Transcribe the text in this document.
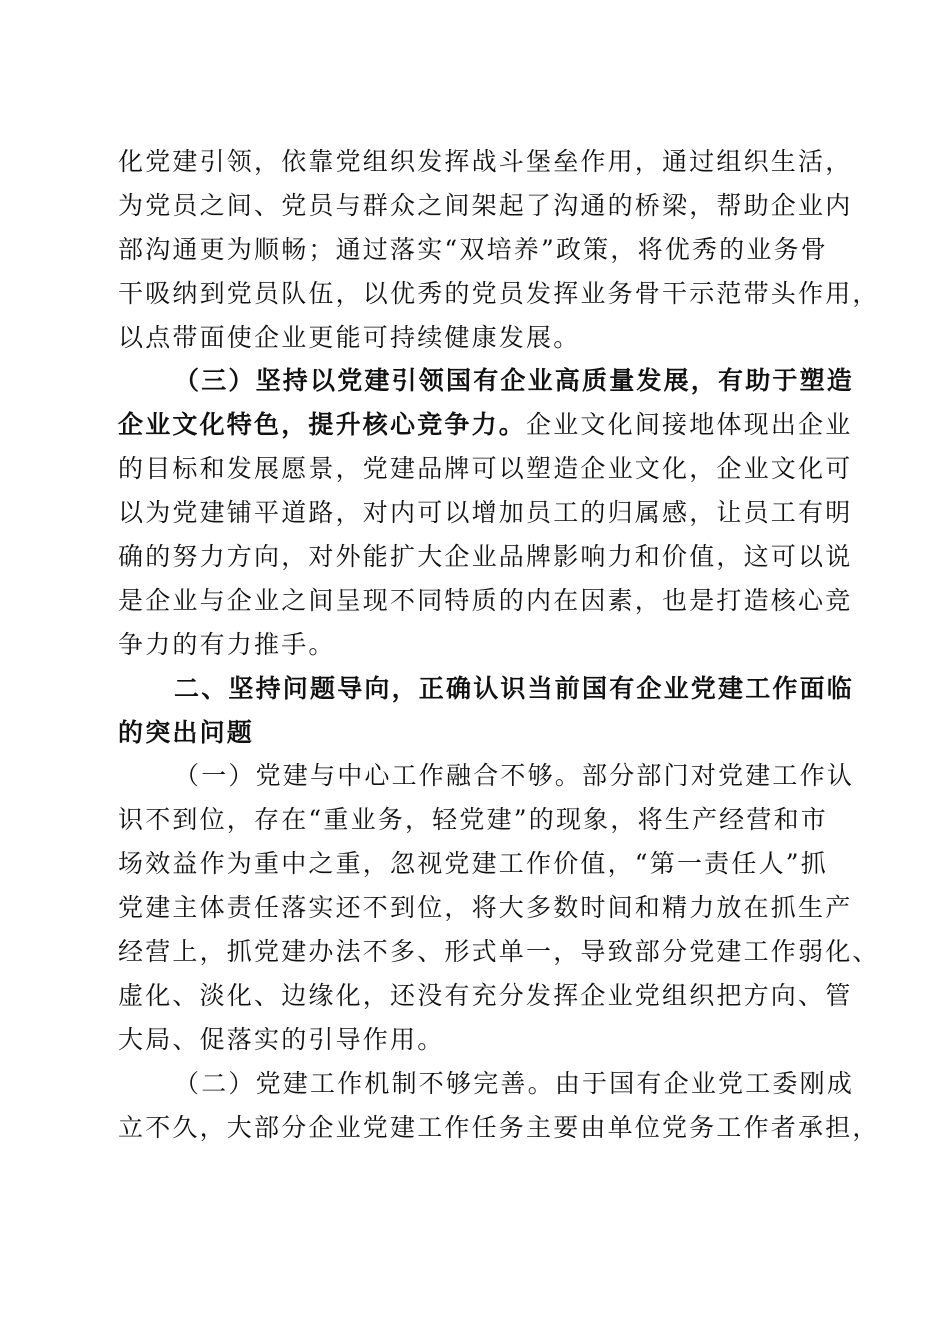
化党建引领，依靠党组织发挥战斗堡垒作用，通过组织生活，
为党员之间、党员与群众之间架起了沟通的桥梁，帮助企业内
部沟通更为顺畅；通过落实“双培养”政策，将优秀的业务骨
干吸纳到党员队伍，以优秀的党员发挥业务骨干示范带头作用，
以点带面使企业更能可持续健康发展。
（三）坚持以党建引领国有企业高质量发展，有助于塑造
企业文化特色，提升核心竞争力。企业文化间接地体现出企业
的目标和发展愿景，党建品牌可以塑造企业文化，企业文化可
以为党建铺平道路，对内可以增加员工的归属感，让员工有明
确的努力方向，对外能扩大企业品牌影响力和价值，这可以说
是企业与企业之间呈现不同特质的内在因素，也是打造核心竞
争力的有力推手。
二、坚持问题导向，正确认识当前国有企业党建工作面临
的突出问题
（一）党建与中心工作融合不够。部分部门对党建工作认
识不到位，存在“重业务，轻党建”的现象，将生产经营和市
场效益作为重中之重，忽视党建工作价值，“第一责任人”抓
党建主体责任落实还不到位，将大多数时间和精力放在抓生产
经营上，抓党建办法不多、形式单一，导致部分党建工作弱化、
虚化、淡化、边缘化，还没有充分发挥企业党组织把方向、管
大局、促落实的引导作用。
（二）党建工作机制不够完善。由于国有企业党工委刚成
立不久，大部分企业党建工作任务主要由单位党务工作者承担，
